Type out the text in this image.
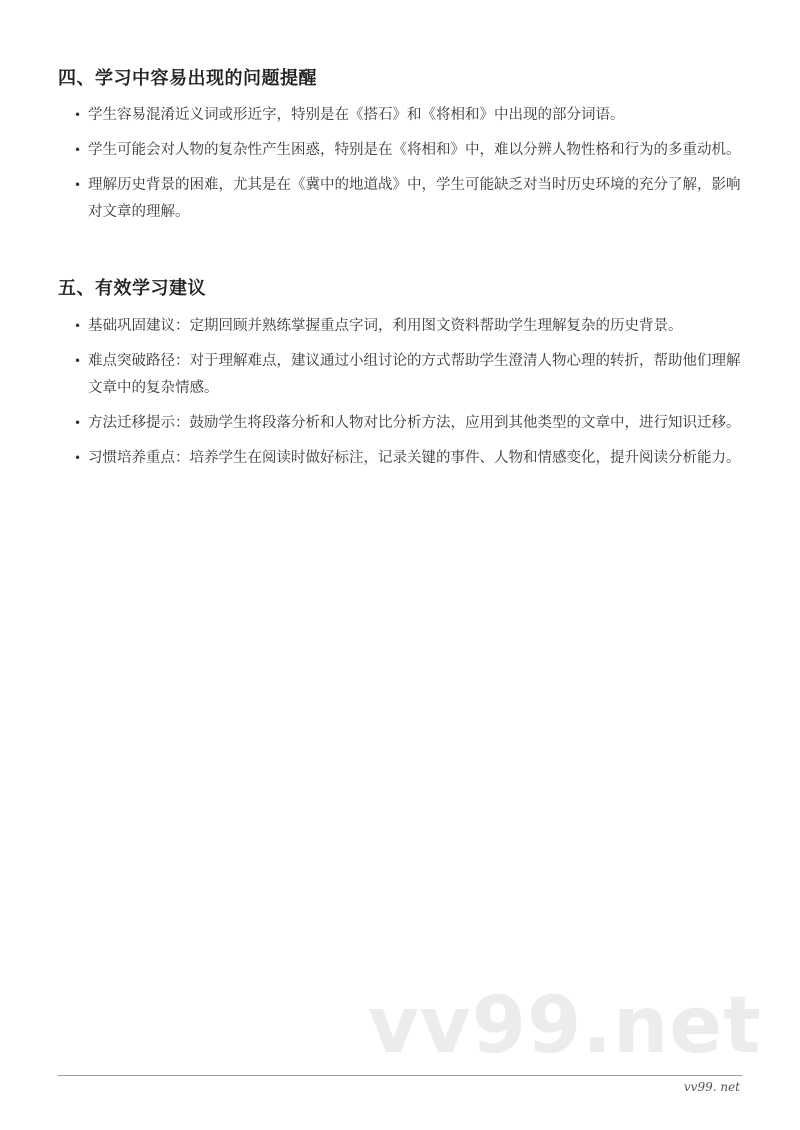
四、学习中容易出现的问题提醒
• 学生容易混淆近义词或形近字，特别是在《搭石》和《将相和》中出现的部分词语。
• 学生可能会对人物的复杂性产生困惑，特别是在《将相和》中，难以分辨人物性格和行为的多重动机。
• 理解历史背景的困难，尤其是在《冀中的地道战》中，学生可能缺乏对当时历史环境的充分了解，影响对文章的理解。
五、有效学习建议
• 基础巩固建议：定期回顾并熟练掌握重点字词，利用图文资料帮助学生理解复杂的历史背景。
• 难点突破路径：对于理解难点，建议通过小组讨论的方式帮助学生澄清人物心理的转折，帮助他们理解文章中的复杂情感。
• 方法迁移提示：鼓励学生将段落分析和人物对比分析方法，应用到其他类型的文章中，进行知识迁移。
• 习惯培养重点：培养学生在阅读时做好标注，记录关键的事件、人物和情感变化，提升阅读分析能力。
vv99.net
vv99. net
